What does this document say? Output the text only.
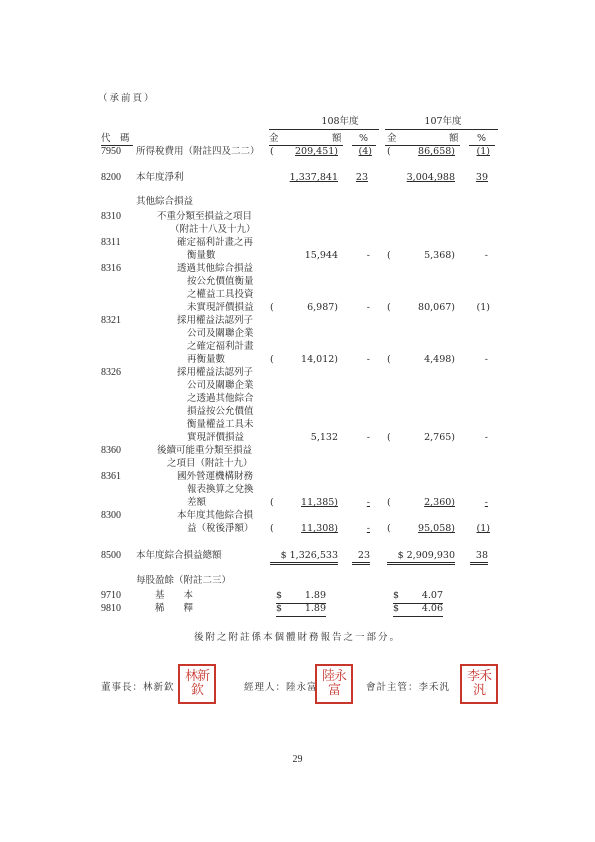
（承前頁）
108年度	107年度
代　碼	金	額 % 金	額 %
7950 所得稅費用（附註四及二二） (	209,451)	(4) (	86,658)	(1)
8200 本年度淨利	1,337,841	23	3,004,988	39
其他綜合損益
8310	不重分類至損益之項目
（附註十八及十九）
8311	確定福利計畫之再
衡量數	15,944	- (	5,368)	-
8316	透過其他綜合損益
按公允價值衡量
之權益工具投資
未實現評價損益 (	6,987)	- (	80,067)	(1)
8321	採用權益法認列子
公司及關聯企業
之確定福利計畫
再衡量數	(	14,012)	- (	4,498)	-
8326	採用權益法認列子
公司及關聯企業
之透過其他綜合
損益按公允價值
衡量權益工具未
實現評價損益	5,132	- (	2,765)	-
8360	後續可能重分類至損益
之項目（附註十九）
8361	國外營運機構財務
報表換算之兌換
差額	(	11,385)	- (	2,360)	-
8300	本年度其他綜合損
益（稅後淨額） (	11,308)	- (	95,058)	(1)
8500 本年度綜合損益總額	$ 1,326,533	23	$ 2,909,930	38
每股盈餘（附註二三）
9710	基　　本	$	1.89	$	4.07
9810	稀　　釋	$	1.89	$	4.06
後附之附註係本個體財務報告之一部分。
董事長：林新欽
林新欽	經理人：陸永富
陸永富	會計主管：李禾汎
李禾汎
29
